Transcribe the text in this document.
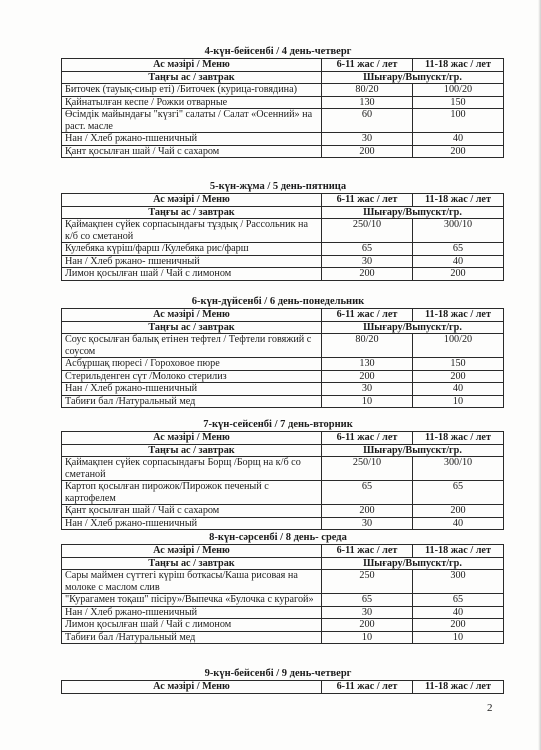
4-күн-бейсенбі / 4 день-четверг
Ас мәзірі / Меню	6-11 жас / лет	11-18 жас / лет
Таңғы ас / завтрак	Шығару/Выпускт/гр.	
Биточек (тауық-сиыр еті) /Биточек (курица-говядина)	80/20	100/20
Қайнатылған кеспе / Рожки отварные	130	150
Өсімдік майындағы "күзгі" салаты / Салат «Осенний» на раст. масле	60	100
Нан / Хлеб ржано-пшеничный	30	40
Қант қосылған шай / Чай с сахаром	200	200
5-күн-жұма / 5 день-пятница
Ас мәзірі / Меню	6-11 жас / лет	11-18 жас / лет
Таңғы ас / завтрак	Шығару/Выпускт/гр.	
Қаймақпен сүйек сорпасындағы тұздық / Рассольник на к/б со сметаной	250/10	300/10
Кулебяка күріш/фарш /Кулебяка рис/фарш	65	65
Нан / Хлеб ржано- пшеничный	30	40
Лимон қосылған шай / Чай с лимоном	200	200
6-күн-дүйсенбі / 6 день-понедельник
Ас мәзірі / Меню	6-11 жас / лет	11-18 жас / лет
Таңғы ас / завтрак	Шығару/Выпускт/гр.	
Соус қосылған балық етінен тефтел / Тефтели говяжий с соусом	80/20	100/20
Асбұршақ пюресі / Гороховое пюре	130	150
Стерильденген сүт /Молоко стерилиз	200	200
Нан / Хлеб ржано-пшеничный	30	40
Табиғи бал /Натуральный мед	10	10
7-күн-сейсенбі / 7 день-вторник
Ас мәзірі / Меню	6-11 жас / лет	11-18 жас / лет
Таңғы ас / завтрак	Шығару/Выпускт/гр.	
Қаймақпен сүйек сорпасындағы Борщ /Борщ на к/б со сметаной	250/10	300/10
Картоп қосылған пирожок/Пирожок печеный с картофелем	65	65
Қант қосылған шай / Чай с сахаром	200	200
Нан / Хлеб ржано-пшеничный	30	40
8-күн-сәрсенбі / 8 день- среда
Ас мәзірі / Меню	6-11 жас / лет	11-18 жас / лет
Таңғы ас / завтрак	Шығару/Выпускт/гр.	
Сары маймен сүттегі күріш боткасы/Каша рисовая на молоке с маслом слив	250	300
"Курагамен тоқаш" пісіру»/Выпечка «Булочка с курагой»	65	65
Нан / Хлеб ржано-пшеничный	30	40
Лимон қосылған шай / Чай с лимоном	200	200
Табиғи бал /Натуральный мед	10	10
9-күн-бейсенбі / 9 день-четверг
Ас мәзірі / Меню	6-11 жас / лет	11-18 жас / лет
2
